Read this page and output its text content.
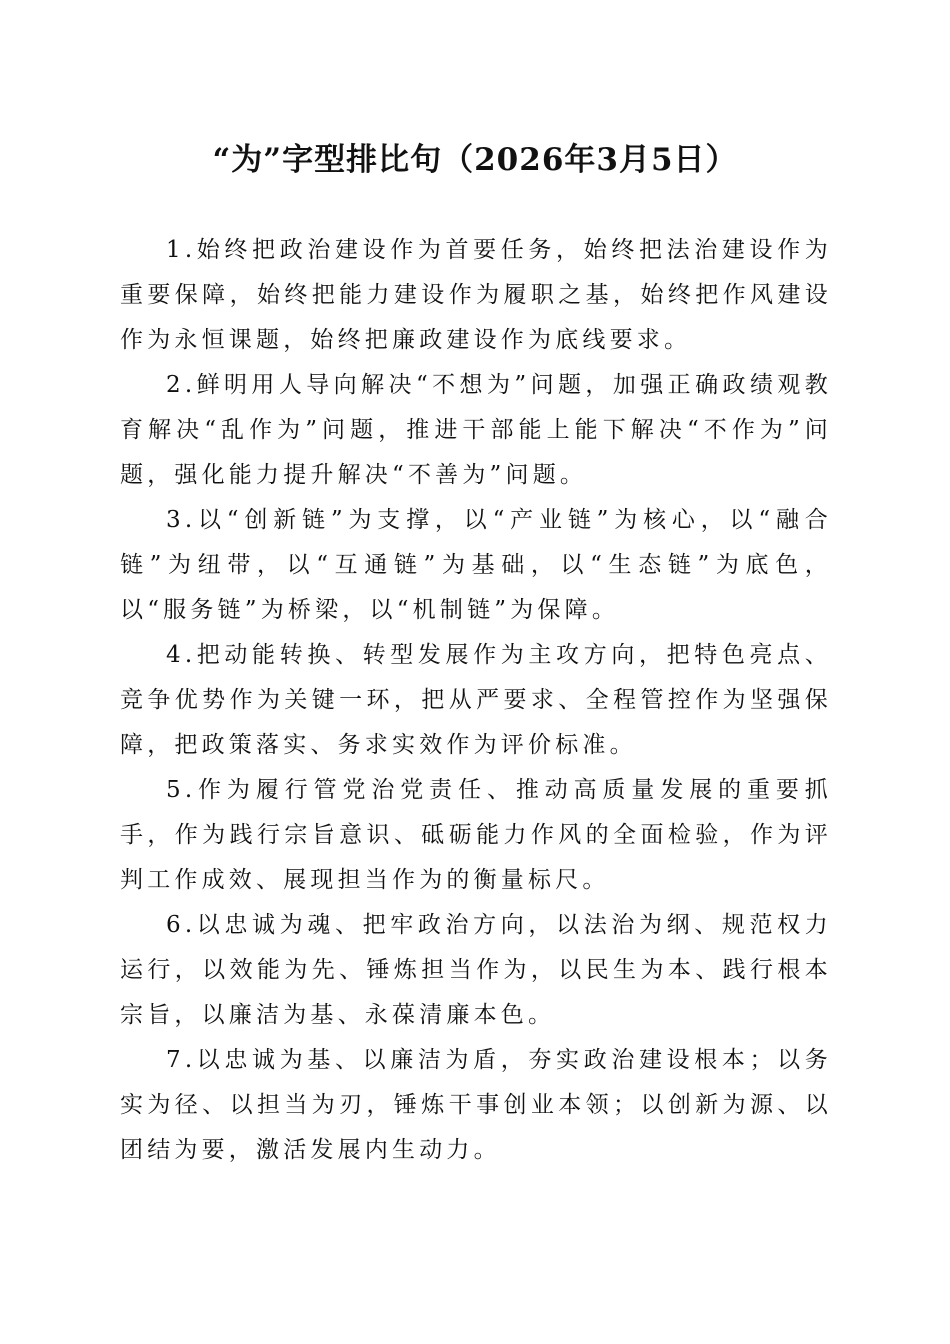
“为”字型排比句（2026年3月5日）

1.始终把政治建设作为首要任务，始终把法治建设作为重要保障，始终把能力建设作为履职之基，始终把作风建设作为永恒课题，始终把廉政建设作为底线要求。

2.鲜明用人导向解决“不想为”问题，加强正确政绩观教育解决“乱作为”问题，推进干部能上能下解决“不作为”问题，强化能力提升解决“不善为”问题。

3.以“创新链”为支撑，以“产业链”为核心，以“融合链”为纽带，以“互通链”为基础，以“生态链”为底色，以“服务链”为桥梁，以“机制链”为保障。

4.把动能转换、转型发展作为主攻方向，把特色亮点、竞争优势作为关键一环，把从严要求、全程管控作为坚强保障，把政策落实、务求实效作为评价标准。

5.作为履行管党治党责任、推动高质量发展的重要抓手，作为践行宗旨意识、砥砺能力作风的全面检验，作为评判工作成效、展现担当作为的衡量标尺。

6.以忠诚为魂、把牢政治方向，以法治为纲、规范权力运行，以效能为先、锤炼担当作为，以民生为本、践行根本宗旨，以廉洁为基、永葆清廉本色。

7.以忠诚为基、以廉洁为盾，夯实政治建设根本；以务实为径、以担当为刃，锤炼干事创业本领；以创新为源、以团结为要，激活发展内生动力。
